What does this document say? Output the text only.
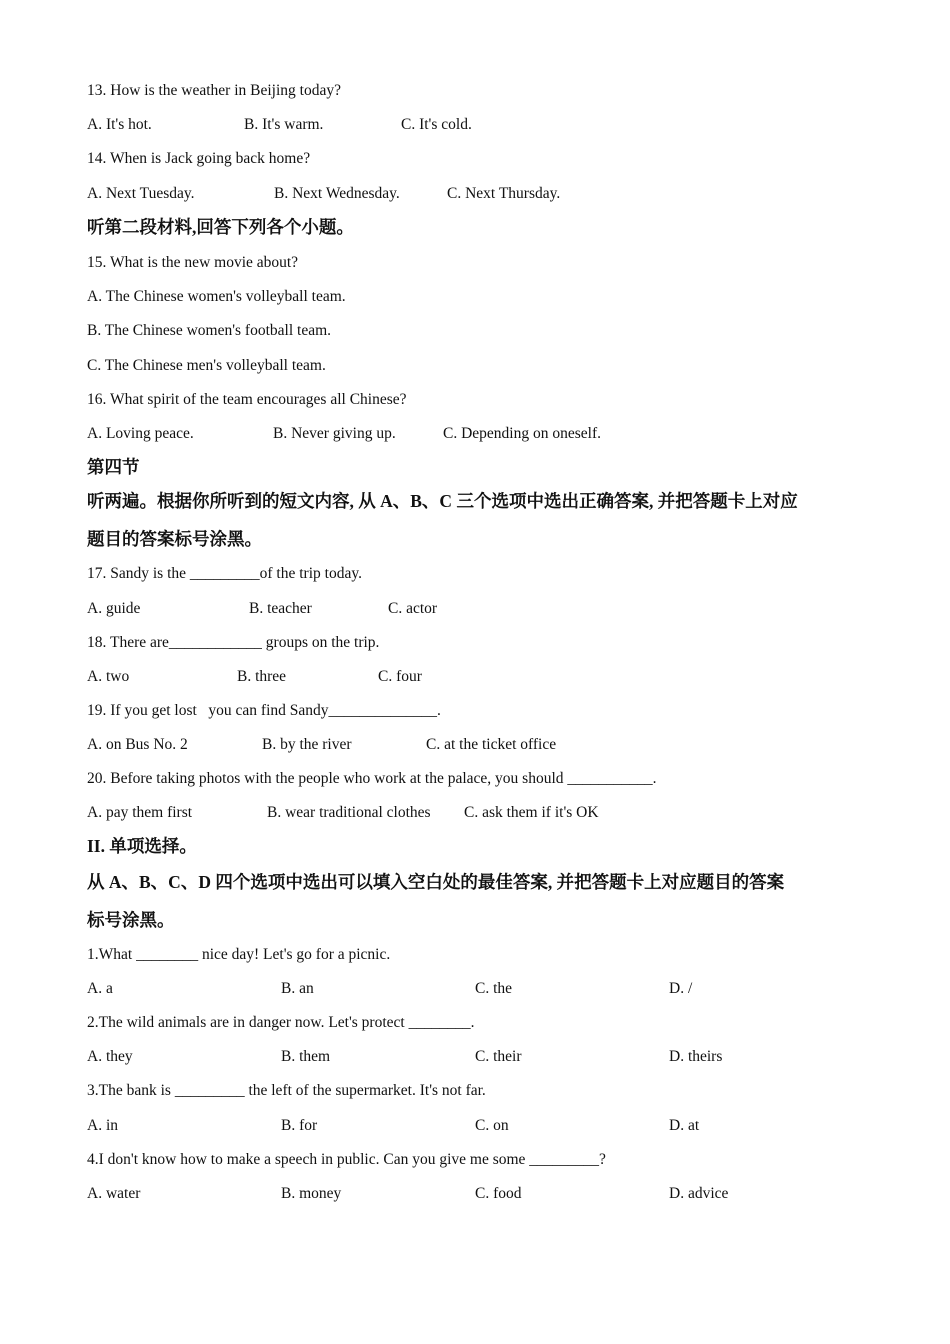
13. How is the weather in Beijing today?
A. It's hot.	B. It's warm.	C. It's cold.
14. When is Jack going back home?
A. Next Tuesday.	B. Next Wednesday.	C. Next Thursday.
听第二段材料,回答下列各个小题。
15. What is the new movie about?
A. The Chinese women's volleyball team.
B. The Chinese women's football team.
C. The Chinese men's volleyball team.
16. What spirit of the team encourages all Chinese?
A. Loving peace.	B. Never giving up.	C. Depending on oneself.
第四节
听两遍。根据你所听到的短文内容, 从 A、B、C 三个选项中选出正确答案, 并把答题卡上对应
题目的答案标号涂黑。
17. Sandy is the _________of the trip today.
A. guide	B. teacher	C. actor
18. There are____________ groups on the trip.
A. two	B. three	C. four
19. If you get lost   you can find Sandy______________.
A. on Bus No. 2	B. by the river	C. at the ticket office
20. Before taking photos with the people who work at the palace, you should ___________.
A. pay them first	B. wear traditional clothes C. ask them if it's OK
II. 单项选择。
从 A、B、C、D 四个选项中选出可以填入空白处的最佳答案, 并把答题卡上对应题目的答案
标号涂黑。
1.What ________ nice day! Let's go for a picnic.
A. a	B. an	C. the	D. /
2.The wild animals are in danger now. Let's protect ________.
A. they	B. them	C. their	D. theirs
3.The bank is _________ the left of the supermarket. It's not far.
A. in	B. for	C. on	D. at
4.I don't know how to make a speech in public. Can you give me some _________?
A. water	B. money	C. food	D. advice
